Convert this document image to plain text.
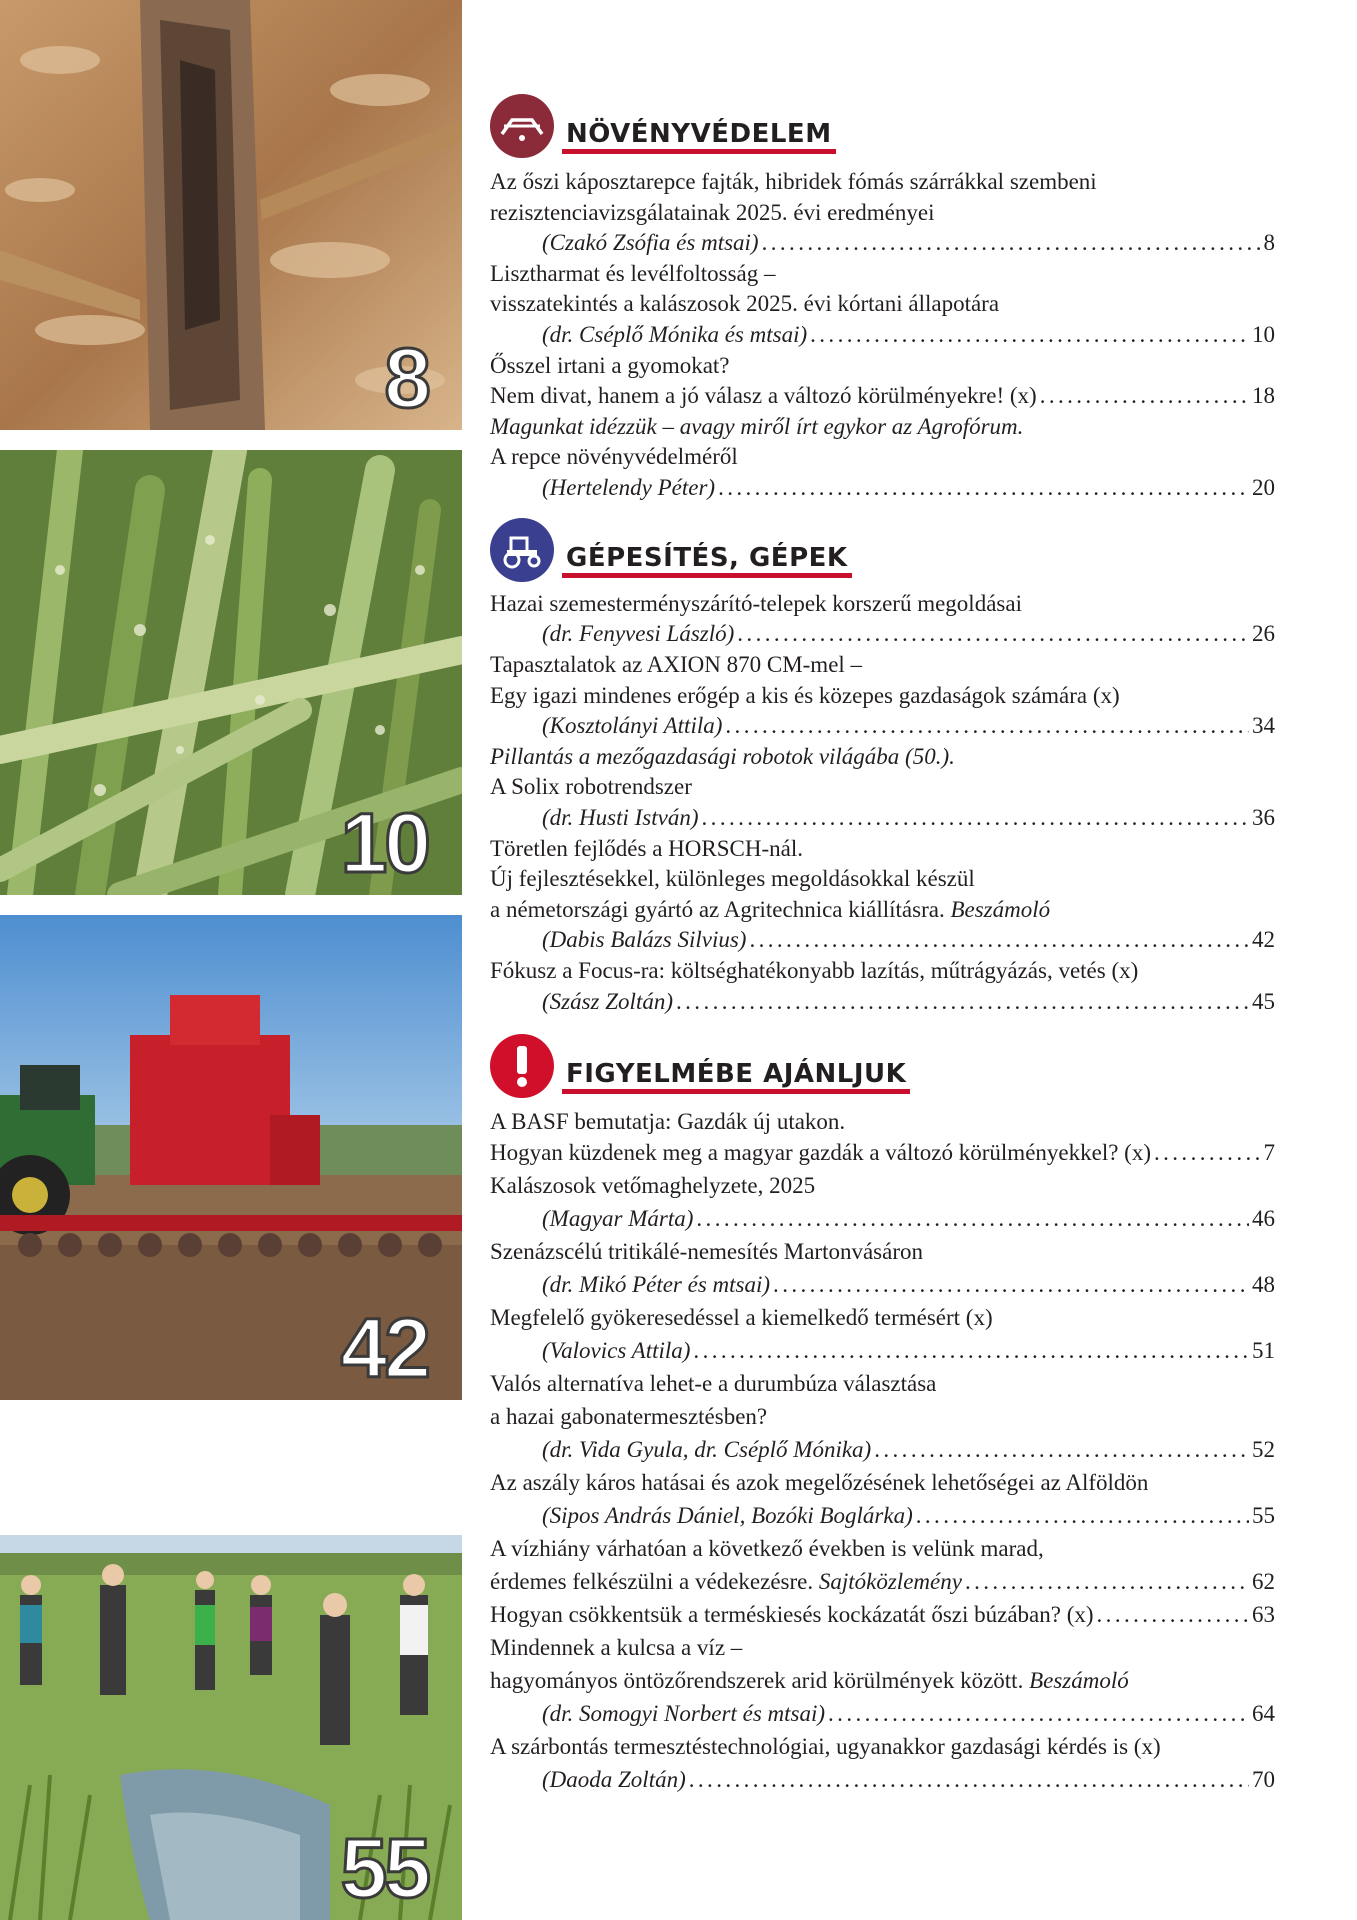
8
10
42
55
NÖVÉNYVÉDELEM
Az őszi káposztarepce fajták, hibridek fómás szárrákkal szembeni
rezisztenciavizsgálatainak 2025. évi eredményei
(Czakó Zsófia és mtsai) .....	8
Lisztharmat és levélfoltosság –
visszatekintés a kalászosok 2025. évi kórtani állapotára
(dr. Cséplő Mónika és mtsai) .....	10
Ősszel irtani a gyomokat?
Nem divat, hanem a jó válasz a változó körülményekre! (x) .....	18
Magunkat idézzük – avagy miről írt egykor az Agrofórum.
A repce növényvédelméről
(Hertelendy Péter) .....	20
GÉPESÍTÉS, GÉPEK
Hazai szemesterményszárító-telepek korszerű megoldásai
(dr. Fenyvesi László) .....	26
Tapasztalatok az AXION 870 CM-mel –
Egy igazi mindenes erőgép a kis és közepes gazdaságok számára (x)
(Kosztolányi Attila) .....	34
Pillantás a mezőgazdasági robotok világába (50.).
A Solix robotrendszer
(dr. Husti István) .....	36
Töretlen fejlődés a HORSCH-nál.
Új fejlesztésekkel, különleges megoldásokkal készül
a németországi gyártó az Agritechnica kiállításra. Beszámoló
(Dabis Balázs Silvius) .....	42
Fókusz a Focus-ra: költséghatékonyabb lazítás, műtrágyázás, vetés (x)
(Szász Zoltán) .....	45
FIGYELMÉBE AJÁNLJUK
A BASF bemutatja: Gazdák új utakon.
Hogyan küzdenek meg a magyar gazdák a változó körülményekkel? (x) .....	7
Kalászosok vetőmaghelyzete, 2025
(Magyar Márta) .....	46
Szenázscélú tritikálé-nemesítés Martonvásáron
(dr. Mikó Péter és mtsai) .....	48
Megfelelő gyökeresedéssel a kiemelkedő termésért (x)
(Valovics Attila) .....	51
Valós alternatíva lehet-e a durumbúza választása
a hazai gabonatermesztésben?
(dr. Vida Gyula, dr. Cséplő Mónika) .....	52
Az aszály káros hatásai és azok megelőzésének lehetőségei az Alföldön
(Sipos András Dániel, Bozóki Boglárka) .....	55
A vízhiány várhatóan a következő években is velünk marad,
érdemes felkészülni a védekezésre. Sajtóközlemény .....	62
Hogyan csökkentsük a terméskiesés kockázatát őszi búzában? (x) .....	63
Mindennek a kulcsa a víz –
hagyományos öntözőrendszerek arid körülmények között. Beszámoló
(dr. Somogyi Norbert és mtsai) .....	64
A szárbontás termesztéstechnológiai, ugyanakkor gazdasági kérdés is (x)
(Daoda Zoltán) .....	70
